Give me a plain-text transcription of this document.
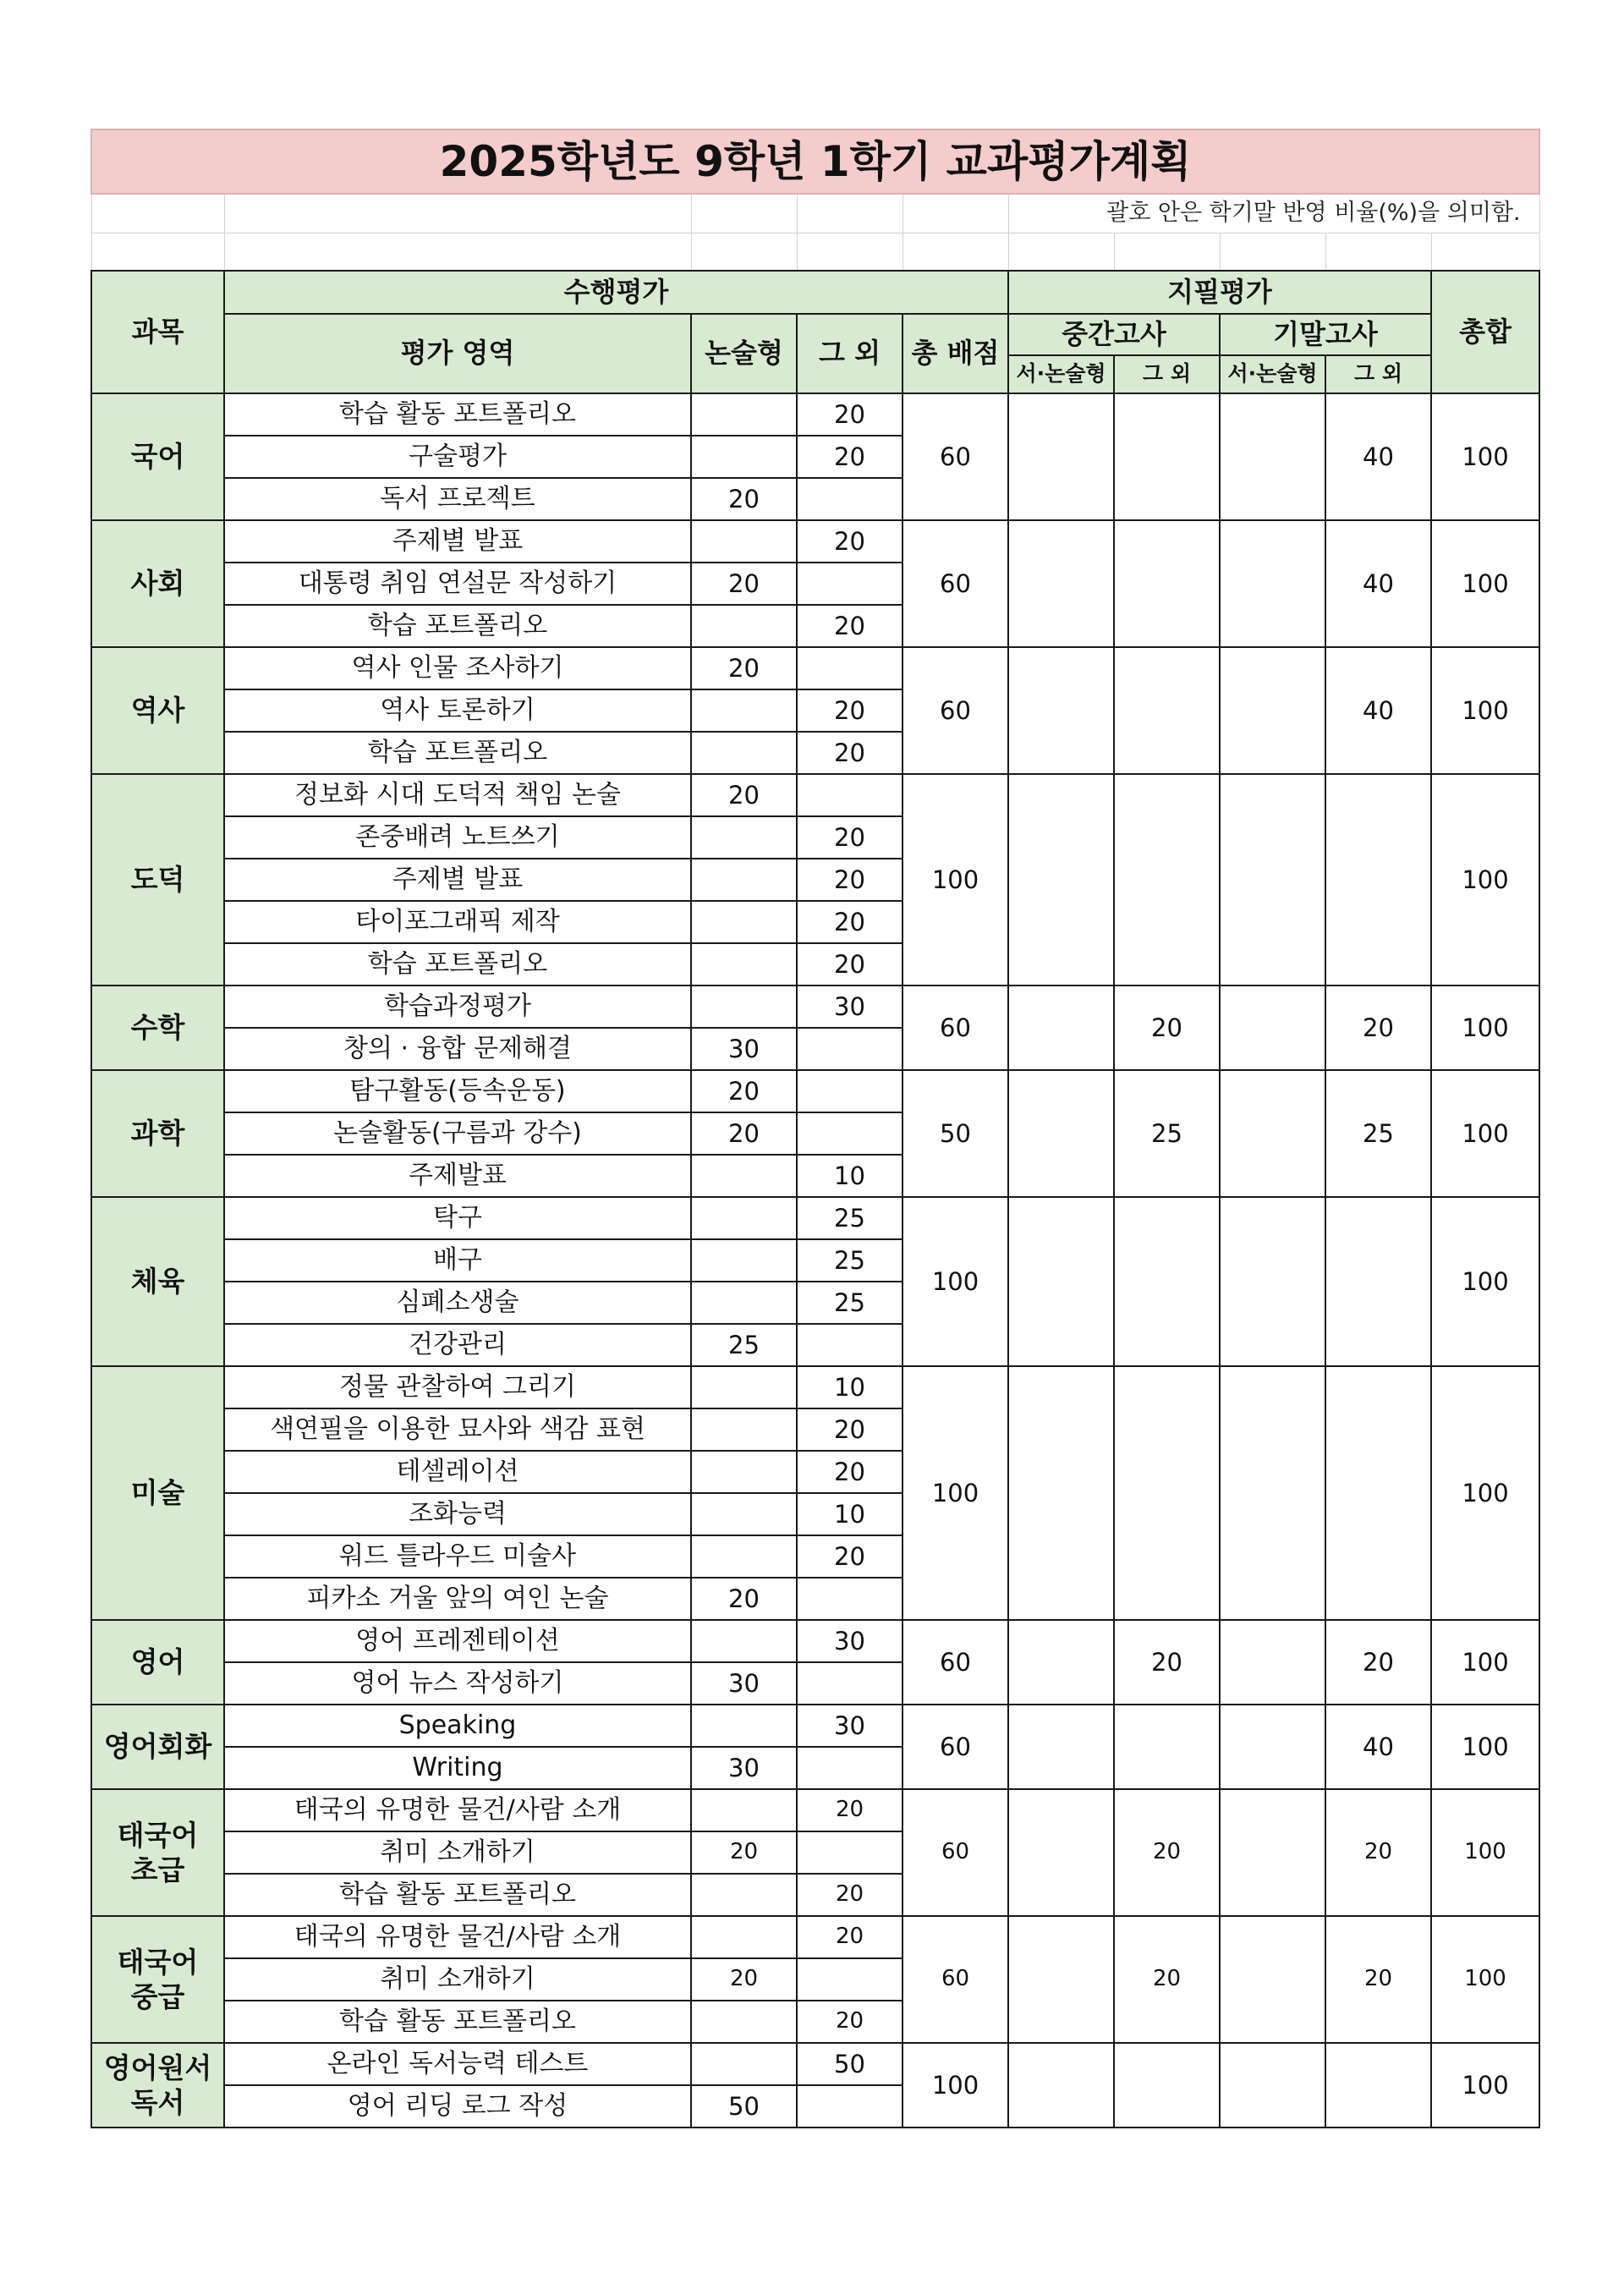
2025학년도 9학년 1학기 교과평가계획									
					괄호 안은 학기말 반영 비율(%)을 의미함.				

과목	수행평가				지필평가				총합
	평가 영역	논술형	그 외	총 배점	중간고사		기말고사		
					서·논술형	그 외	서·논술형	그 외	
국어	학습 활동 포트폴리오		20	60				40	100
	구술평가		20						
	독서 프로젝트	20							
사회	주제별 발표		20	60				40	100
	대통령 취임 연설문 작성하기	20							
	학습 포트폴리오		20						
역사	역사 인물 조사하기	20		60				40	100
	역사 토론하기		20						
	학습 포트폴리오		20						
도덕	정보화 시대 도덕적 책임 논술	20		100					100
	존중배려 노트쓰기		20						
	주제별 발표		20						
	타이포그래픽 제작		20						
	학습 포트폴리오		20						
수학	학습과정평가		30	60		20		20	100
	창의 · 융합 문제해결	30							
과학	탐구활동(등속운동)	20		50		25		25	100
	논술활동(구름과 강수)	20							
	주제발표		10						
체육	탁구		25	100					100
	배구		25						
	심폐소생술		25						
	건강관리	25							
미술	정물 관찰하여 그리기		10	100					100
	색연필을 이용한 묘사와 색감 표현		20						
	테셀레이션		20						
	조화능력		10						
	워드 틀라우드 미술사		20						
	피카소 거울 앞의 여인 논술	20							
영어	영어 프레젠테이션		30	60		20		20	100
	영어 뉴스 작성하기	30							
영어회화	Speaking		30	60				40	100
	Writing	30							
태국어
초급	태국의 유명한 물건/사람 소개		20	60		20		20	100
	취미 소개하기	20							
	학습 활동 포트폴리오		20						
태국어
중급	태국의 유명한 물건/사람 소개		20	60		20		20	100
	취미 소개하기	20							
	학습 활동 포트폴리오		20						
영어원서
독서	온라인 독서능력 테스트		50	100					100
	영어 리딩 로그 작성	50							
